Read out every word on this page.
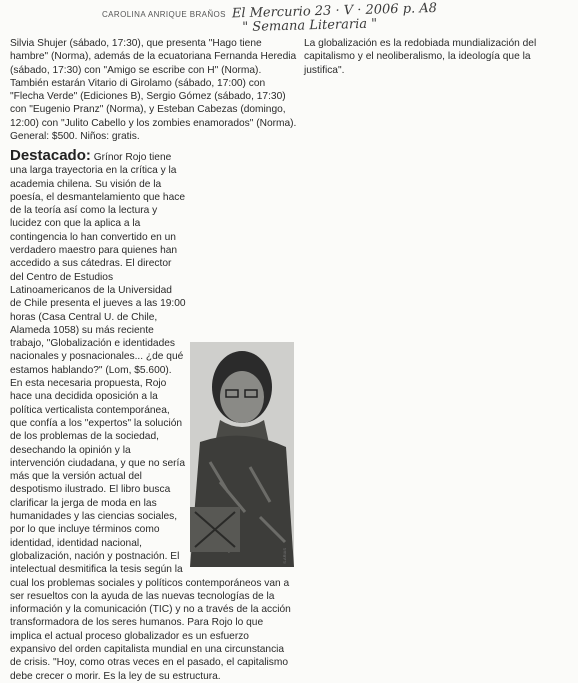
CAROLINA ANRIQUE BRAÑOS El Mercurio 23 · V · 2006 p. A8
" Semana Literaria "

Silvia Shujer (sábado, 17:30), que presenta "Hago tiene hambre" (Norma), además de la ecuatoriana Fernanda Heredia (sábado, 17:30) con "Amigo se escribe con H" (Norma). También estarán Vitario di Girolamo (sábado, 17:00) con "Flecha Verde" (Ediciones B), Sergio Gómez (sábado, 17:30) con "Eugenio Pranz" (Norma), y Esteban Cabezas (domingo, 12:00) con "Julito Cabello y los zombies enamorados" (Norma). General: $500. Niños: gratis.

La globalización es la redobiada mundialización del capitalismo y el neoliberalismo, la ideología que la justifica".

Destacado: Grínor Rojo tiene una larga trayectoria en la crítica y la academia chilena. Su visión de la poesía, el desmantelamiento que hace de la teoría así como la lectura y lucidez con que la aplica a la contingencia lo han convertido en un verdadero maestro para quienes han accedido a sus cátedras. El director del Centro de Estudios Latinoamericanos de la Universidad de Chile presenta el jueves a las 19:00 horas (Casa Central U. de Chile, Alameda 1058) su más reciente trabajo, "Globalización e identidades nacionales y posnacionales... ¿de qué estamos hablando?" (Lom, $5.600). En esta necesaria propuesta, Rojo hace una decidida oposición a la política verticalista contemporánea, que confía a los "expertos" la solución de los problemas de la sociedad, desechando la opinión y la intervención ciudadana, y que no sería más que la versión actual del despotismo ilustrado. El libro busca clarificar la jerga de moda en las humanidades y las ciencias sociales, por lo que incluye términos como identidad, identidad nacional, globalización, nación y postnación. El intelectual desmitifica la tesis según la cual los problemas sociales y políticos contemporáneos van a ser resueltos con la ayuda de las nuevas tecnologías de la información y la comunicación (TIC) y no a través de la acción transformadora de los seres humanos. Para Rojo lo que implica el actual proceso globalizador es un esfuerzo expansivo del orden capitalista mundial en una circunstancia de crisis. "Hoy, como otras veces en el pasado, el capitalismo debe crecer o morir. Es la ley de su estructura.

S.ARIAS
